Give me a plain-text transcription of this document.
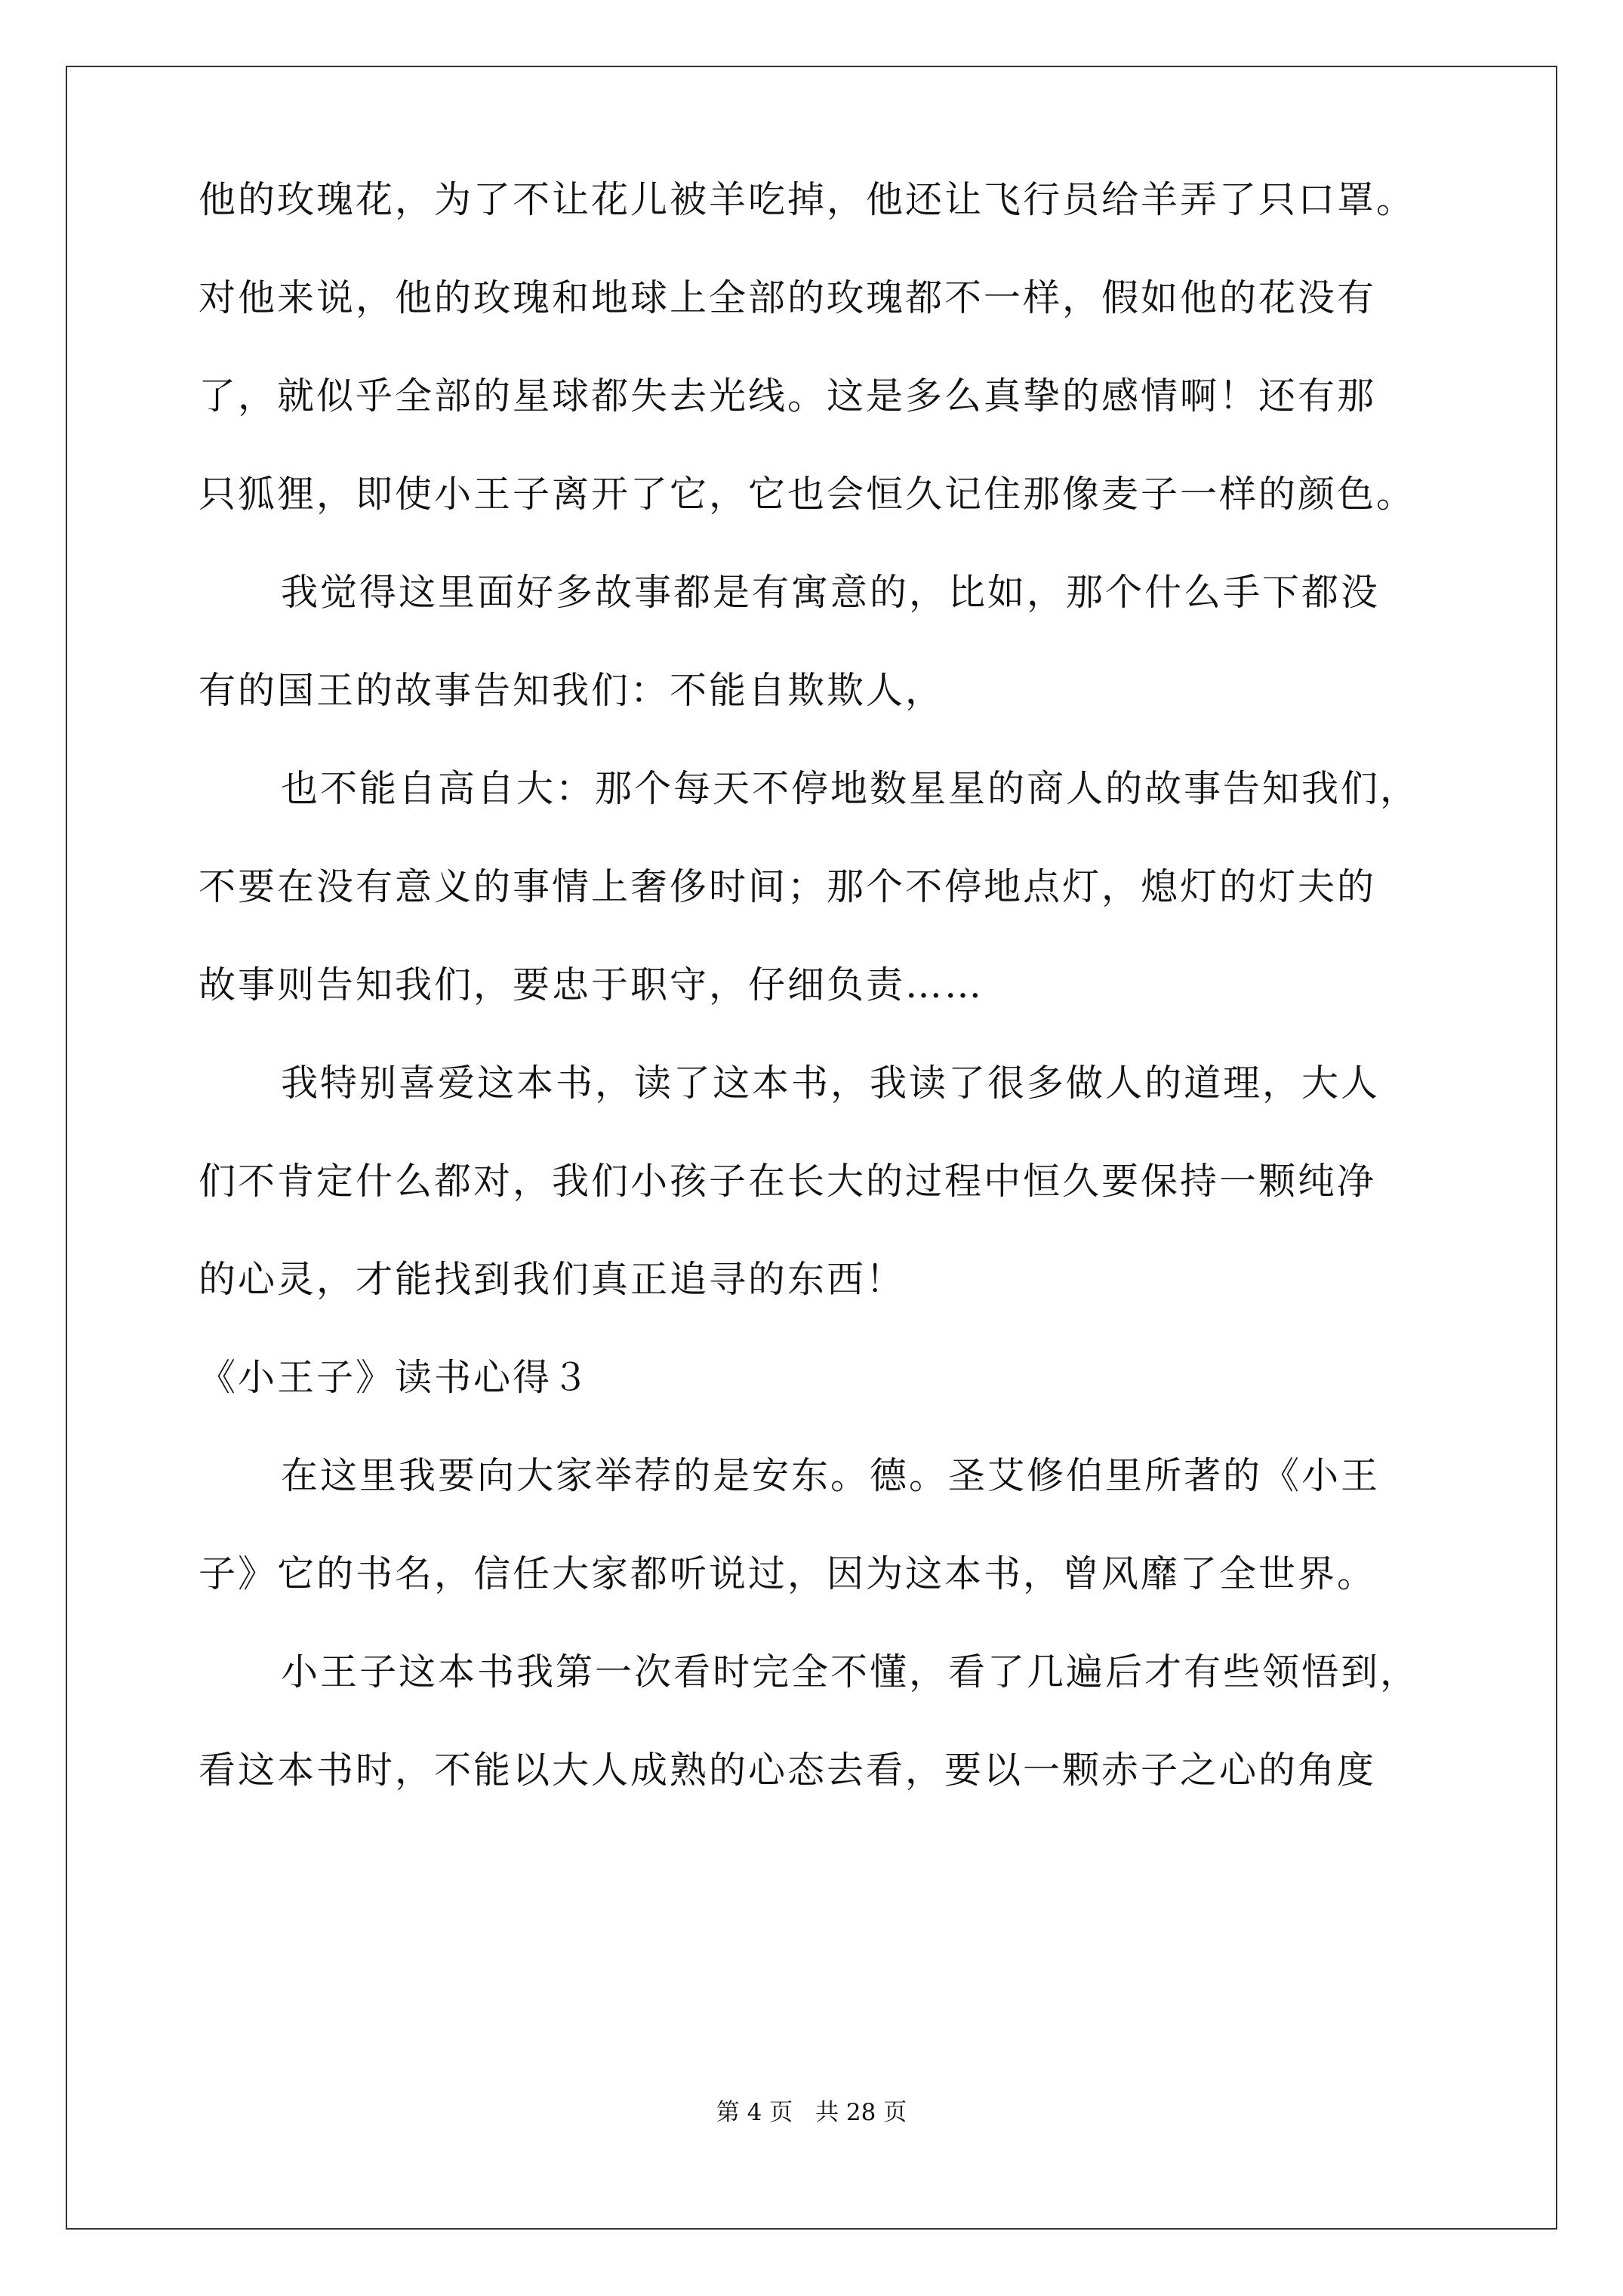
他的玫瑰花，为了不让花儿被羊吃掉，他还让飞行员给羊弄了只口罩。
对他来说，他的玫瑰和地球上全部的玫瑰都不一样，假如他的花没有
了，就似乎全部的星球都失去光线。这是多么真挚的感情啊！还有那
只狐狸，即使小王子离开了它，它也会恒久记住那像麦子一样的颜色。
我觉得这里面好多故事都是有寓意的，比如，那个什么手下都没
有的国王的故事告知我们：不能自欺欺人，
也不能自高自大：那个每天不停地数星星的商人的故事告知我们，
不要在没有意义的事情上奢侈时间；那个不停地点灯，熄灯的灯夫的
故事则告知我们，要忠于职守，仔细负责……
我特别喜爱这本书，读了这本书，我读了很多做人的道理，大人
们不肯定什么都对，我们小孩子在长大的过程中恒久要保持一颗纯净
的心灵，才能找到我们真正追寻的东西！
《小王子》读书心得３
在这里我要向大家举荐的是安东。德。圣艾修伯里所著的《小王
子》它的书名，信任大家都听说过，因为这本书，曾风靡了全世界。
小王子这本书我第一次看时完全不懂，看了几遍后才有些领悟到，
看这本书时，不能以大人成熟的心态去看，要以一颗赤子之心的角度
第 4 页 共 28 页
